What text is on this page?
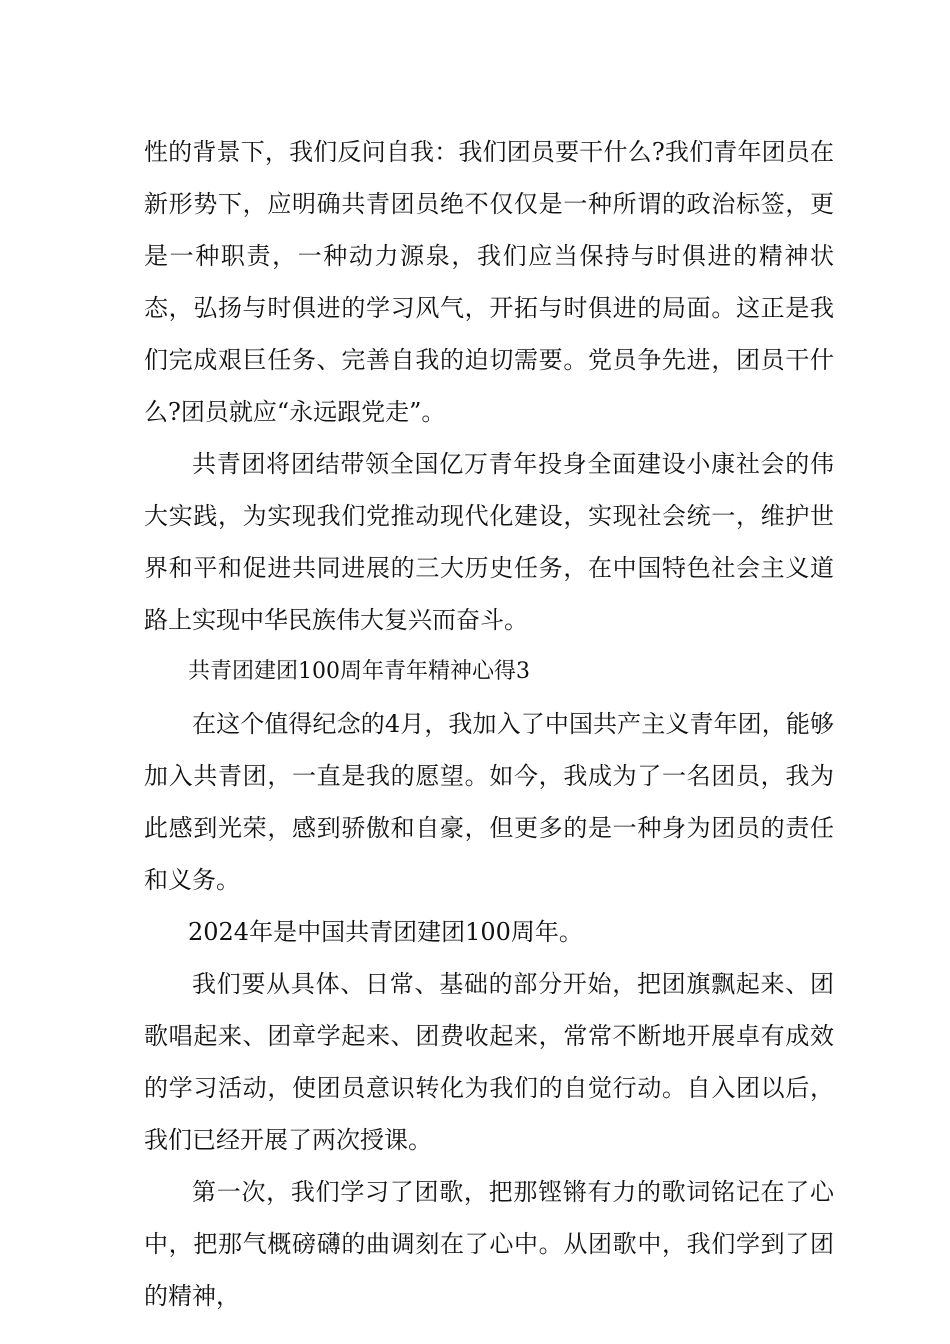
性的背景下，我们反问自我：我们团员要干什么?我们青年团员在新形势下，应明确共青团员绝不仅仅是一种所谓的政治标签，更是一种职责，一种动力源泉，我们应当保持与时俱进的精神状态，弘扬与时俱进的学习风气，开拓与时俱进的局面。这正是我们完成艰巨任务、完善自我的迫切需要。党员争先进，团员干什么?团员就应“永远跟党走”。

共青团将团结带领全国亿万青年投身全面建设小康社会的伟大实践，为实现我们党推动现代化建设，实现社会统一，维护世界和平和促进共同进展的三大历史任务，在中国特色社会主义道路上实现中华民族伟大复兴而奋斗。

共青团建团100周年青年精神心得3

在这个值得纪念的4月，我加入了中国共产主义青年团，能够加入共青团，一直是我的愿望。如今，我成为了一名团员，我为此感到光荣，感到骄傲和自豪，但更多的是一种身为团员的责任和义务。

2024年是中国共青团建团100周年。

我们要从具体、日常、基础的部分开始，把团旗飘起来、团歌唱起来、团章学起来、团费收起来，常常不断地开展卓有成效的学习活动，使团员意识转化为我们的自觉行动。自入团以后，我们已经开展了两次授课。

第一次，我们学习了团歌，把那铿锵有力的歌词铭记在了心中，把那气概磅礴的曲调刻在了心中。从团歌中，我们学到了团的精神，
